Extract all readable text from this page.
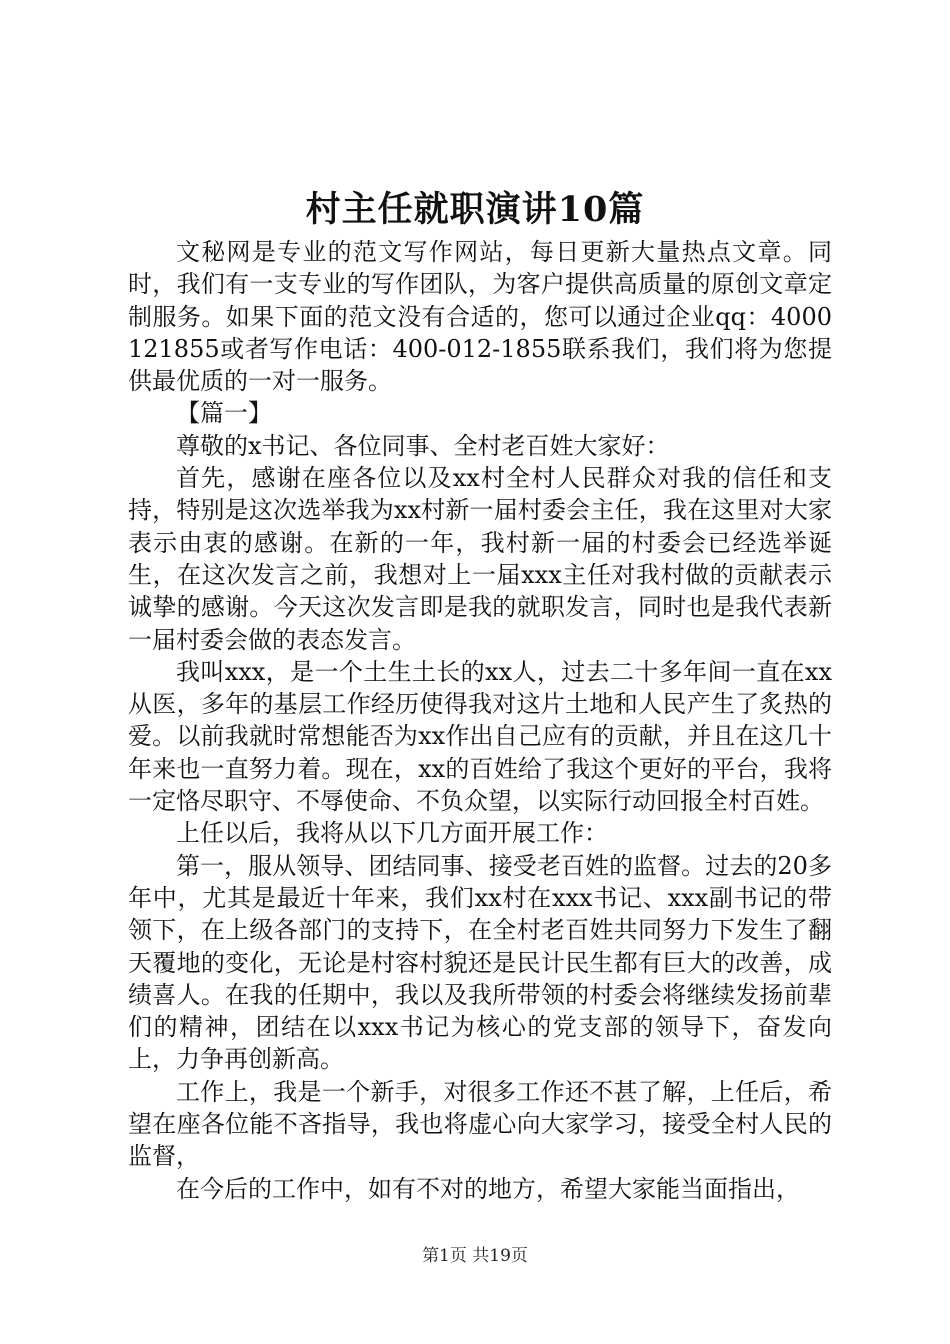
村主任就职演讲10篇

文秘网是专业的范文写作网站，每日更新大量热点文章。同时，我们有一支专业的写作团队，为客户提供高质量的原创文章定制服务。如果下面的范文没有合适的，您可以通过企业qq：4000121855或者写作电话：400-012-1855联系我们，我们将为您提供最优质的一对一服务。

【篇一】

尊敬的x书记、各位同事、全村老百姓大家好：

首先，感谢在座各位以及xx村全村人民群众对我的信任和支持，特别是这次选举我为xx村新一届村委会主任，我在这里对大家表示由衷的感谢。在新的一年，我村新一届的村委会已经选举诞生，在这次发言之前，我想对上一届xxx主任对我村做的贡献表示诚挚的感谢。今天这次发言即是我的就职发言，同时也是我代表新一届村委会做的表态发言。

我叫xxx，是一个土生土长的xx人，过去二十多年间一直在xx从医，多年的基层工作经历使得我对这片土地和人民产生了炙热的爱。以前我就时常想能否为xx作出自己应有的贡献，并且在这几十年来也一直努力着。现在，xx的百姓给了我这个更好的平台，我将一定恪尽职守、不辱使命、不负众望，以实际行动回报全村百姓。

上任以后，我将从以下几方面开展工作：

第一，服从领导、团结同事、接受老百姓的监督。过去的20多年中，尤其是最近十年来，我们xx村在xxx书记、xxx副书记的带领下，在上级各部门的支持下，在全村老百姓共同努力下发生了翻天覆地的变化，无论是村容村貌还是民计民生都有巨大的改善，成绩喜人。在我的任期中，我以及我所带领的村委会将继续发扬前辈们的精神，团结在以xxx书记为核心的党支部的领导下，奋发向上，力争再创新高。

工作上，我是一个新手，对很多工作还不甚了解，上任后，希望在座各位能不吝指导，我也将虚心向大家学习，接受全村人民的监督，

在今后的工作中，如有不对的地方，希望大家能当面指出，

第1页 共19页
